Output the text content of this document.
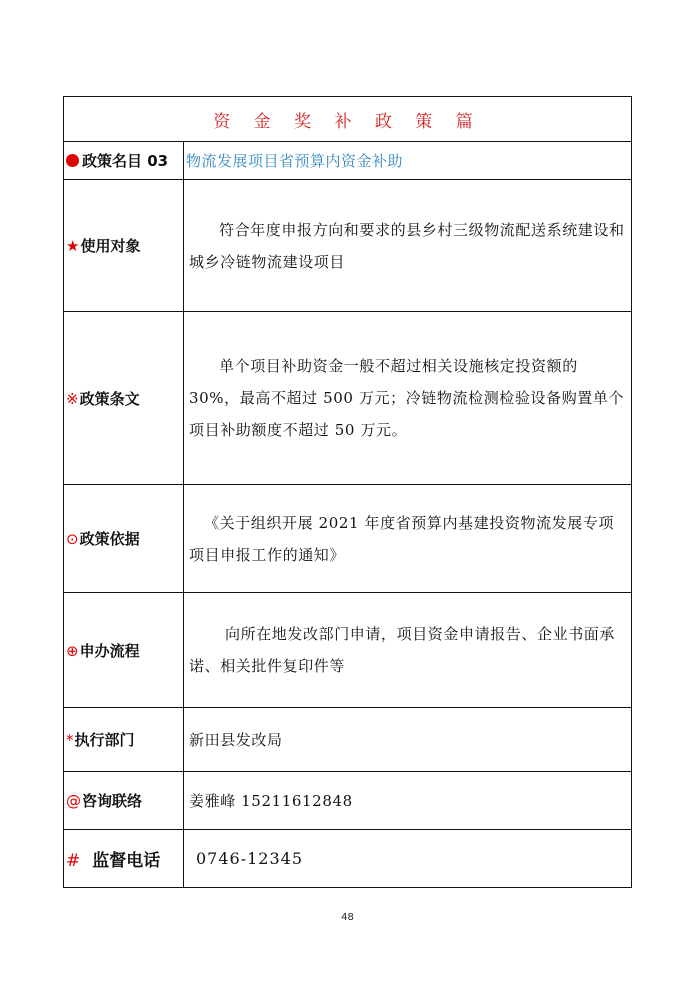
资 金 奖 补 政 策 篇	
政策名目 03	物流发展项目省预算内资金补助
★使用对象	符合年度申报方向和要求的县乡村三级物流配送系统建设和城乡冷链物流建设项目
※政策条文	单个项目补助资金一般不超过相关设施核定投资额的 30%，最高不超过 500 万元；冷链物流检测检验设备购置单个项目补助额度不超过 50 万元。
⊙政策依据	《关于组织开展 2021 年度省预算内基建投资物流发展专项项目申报工作的通知》
⊕申办流程	向所在地发改部门申请，项目资金申请报告、企业书面承诺、相关批件复印件等
*执行部门	新田县发改局
@咨询联络	姜雅峰 15211612848
# 监督电话	0746-12345
48
